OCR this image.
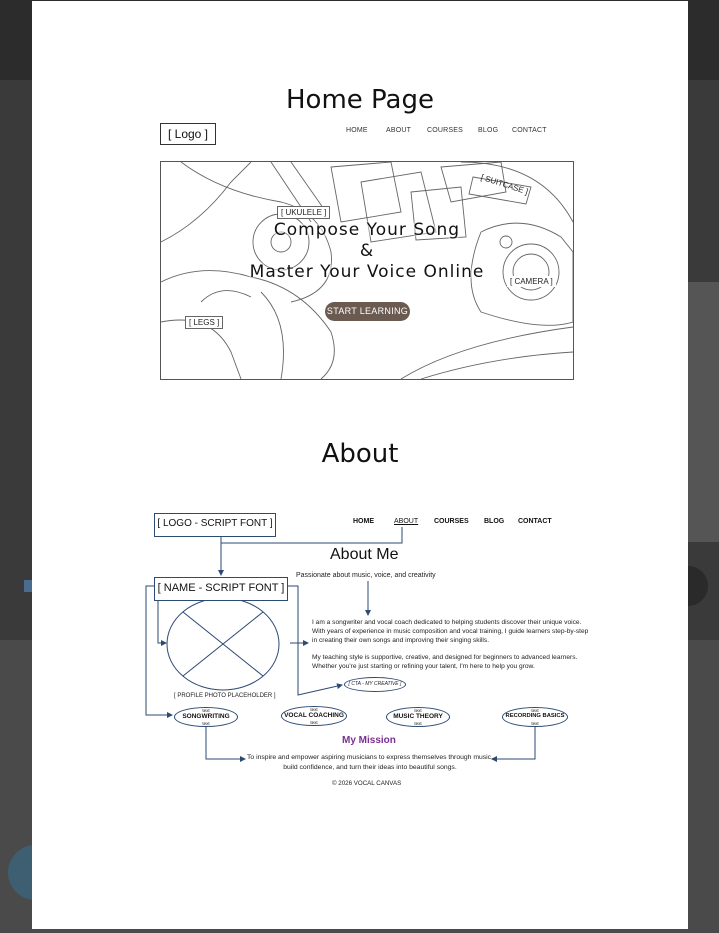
Home Page
[ Logo ]	HOME	ABOUT COURSES BLOG CONTACT
[ UKULELE ]
[ SUITCASE ]
[ CAMERA ]
[ LEGS ]
Compose Your Song
&
Master Your Voice Online
START LEARNING
About
[ LOGO - SCRIPT FONT ]
[ NAME - SCRIPT FONT ]
HOME	ABOUT COURSES BLOG CONTACT
About Me
Passionate about music, voice, and creativity

I am a songwriter and vocal coach dedicated to helping students discover their unique voice. With years of experience in music composition and vocal training, I guide learners step-by-step in creating their own songs and improving their singing skills.

My teaching style is supportive, creative, and designed for beginners to advanced learners. Whether you're just starting or refining your talent, I'm here to help you grow.

[ CTA - MY CREATIVE ]
[ PROFILE PHOTO PLACEHOLDER ]
text
SONGWRITING
text
text
VOCAL COACHING
text
text
MUSIC THEORY
text
text
RECORDING BASICS
text
My Mission
To inspire and empower aspiring musicians to express themselves through music, build confidence, and turn their ideas into beautiful songs.
© 2026 VOCAL CANVAS
